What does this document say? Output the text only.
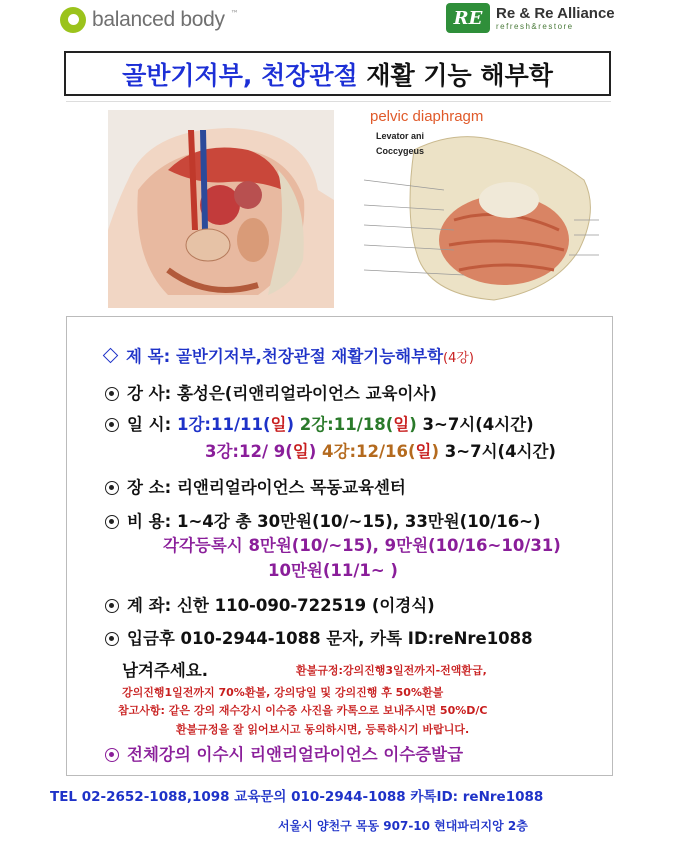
balanced body ™	RE Re & Re Alliance
refresh&restore
골반기저부, 천장관절
재활 기능 해부학
pelvic diaphragm
Levator ani
Coccygeus
제 목: 골반기저부,천장관절 재활기능해부학(4강)
강 사: 홍성은(리앤리얼라이언스 교육이사)
일 시: 1강:11/11(일) 2강:11/18(일) 3~7시(4시간)
3강:12/ 9(일) 4강:12/16(일) 3~7시(4시간)
장 소: 리앤리얼라이언스 목동교육센터
비 용: 1~4강 총 30만원(10/~15), 33만원(10/16~)
각각등록시 8만원(10/~15), 9만원(10/16~10/31)
10만원(11/1~ )
계 좌: 신한 110-090-722519 (이경식)
입금후 010-2944-1088 문자, 카톡 ID:reNre1088
남겨주세요.	환불규정:강의진행3일전까지-전액환급,
강의진행1일전까지 70%환불, 강의당일 및 강의진행 후 50%환불
참고사항: 같은 강의 재수강시 이수중 사진을 카톡으로 보내주시면 50%D/C
환불규정을 잘 읽어보시고 동의하시면, 등록하시기 바랍니다.
전체강의 이수시 리앤리얼라이언스 이수증발급
TEL 02-2652-1088,1098 교육문의 010-2944-1088 카톡ID: reNre1088
서울시 양천구 목동 907-10 현대파리지앙 2층
